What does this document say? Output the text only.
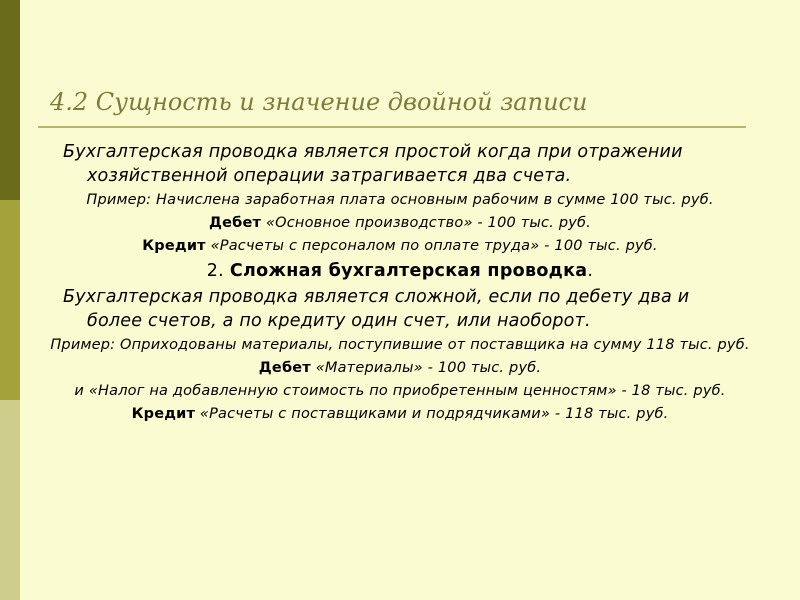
4.2 Сущность и значение двойной записи

Бухгалтерская проводка является простой когда при отражении хозяйственной операции затрагивается два счета.

Пример: Начислена заработная плата основным рабочим в сумме 100 тыс. руб.

Дебет «Основное производство» - 100 тыс. руб.

Кредит «Расчеты с персоналом по оплате труда» - 100 тыс. руб.

2. Сложная бухгалтерская проводка.

Бухгалтерская проводка является сложной, если по дебету два и более счетов, а по кредиту один счет, или наоборот.

Пример: Оприходованы материалы, поступившие от поставщика на сумму 118 тыс. руб.

Дебет «Материалы» - 100 тыс. руб.

и «Налог на добавленную стоимость по приобретенным ценностям» - 18 тыс. руб.

Кредит «Расчеты с поставщиками и подрядчиками» - 118 тыс. руб.
